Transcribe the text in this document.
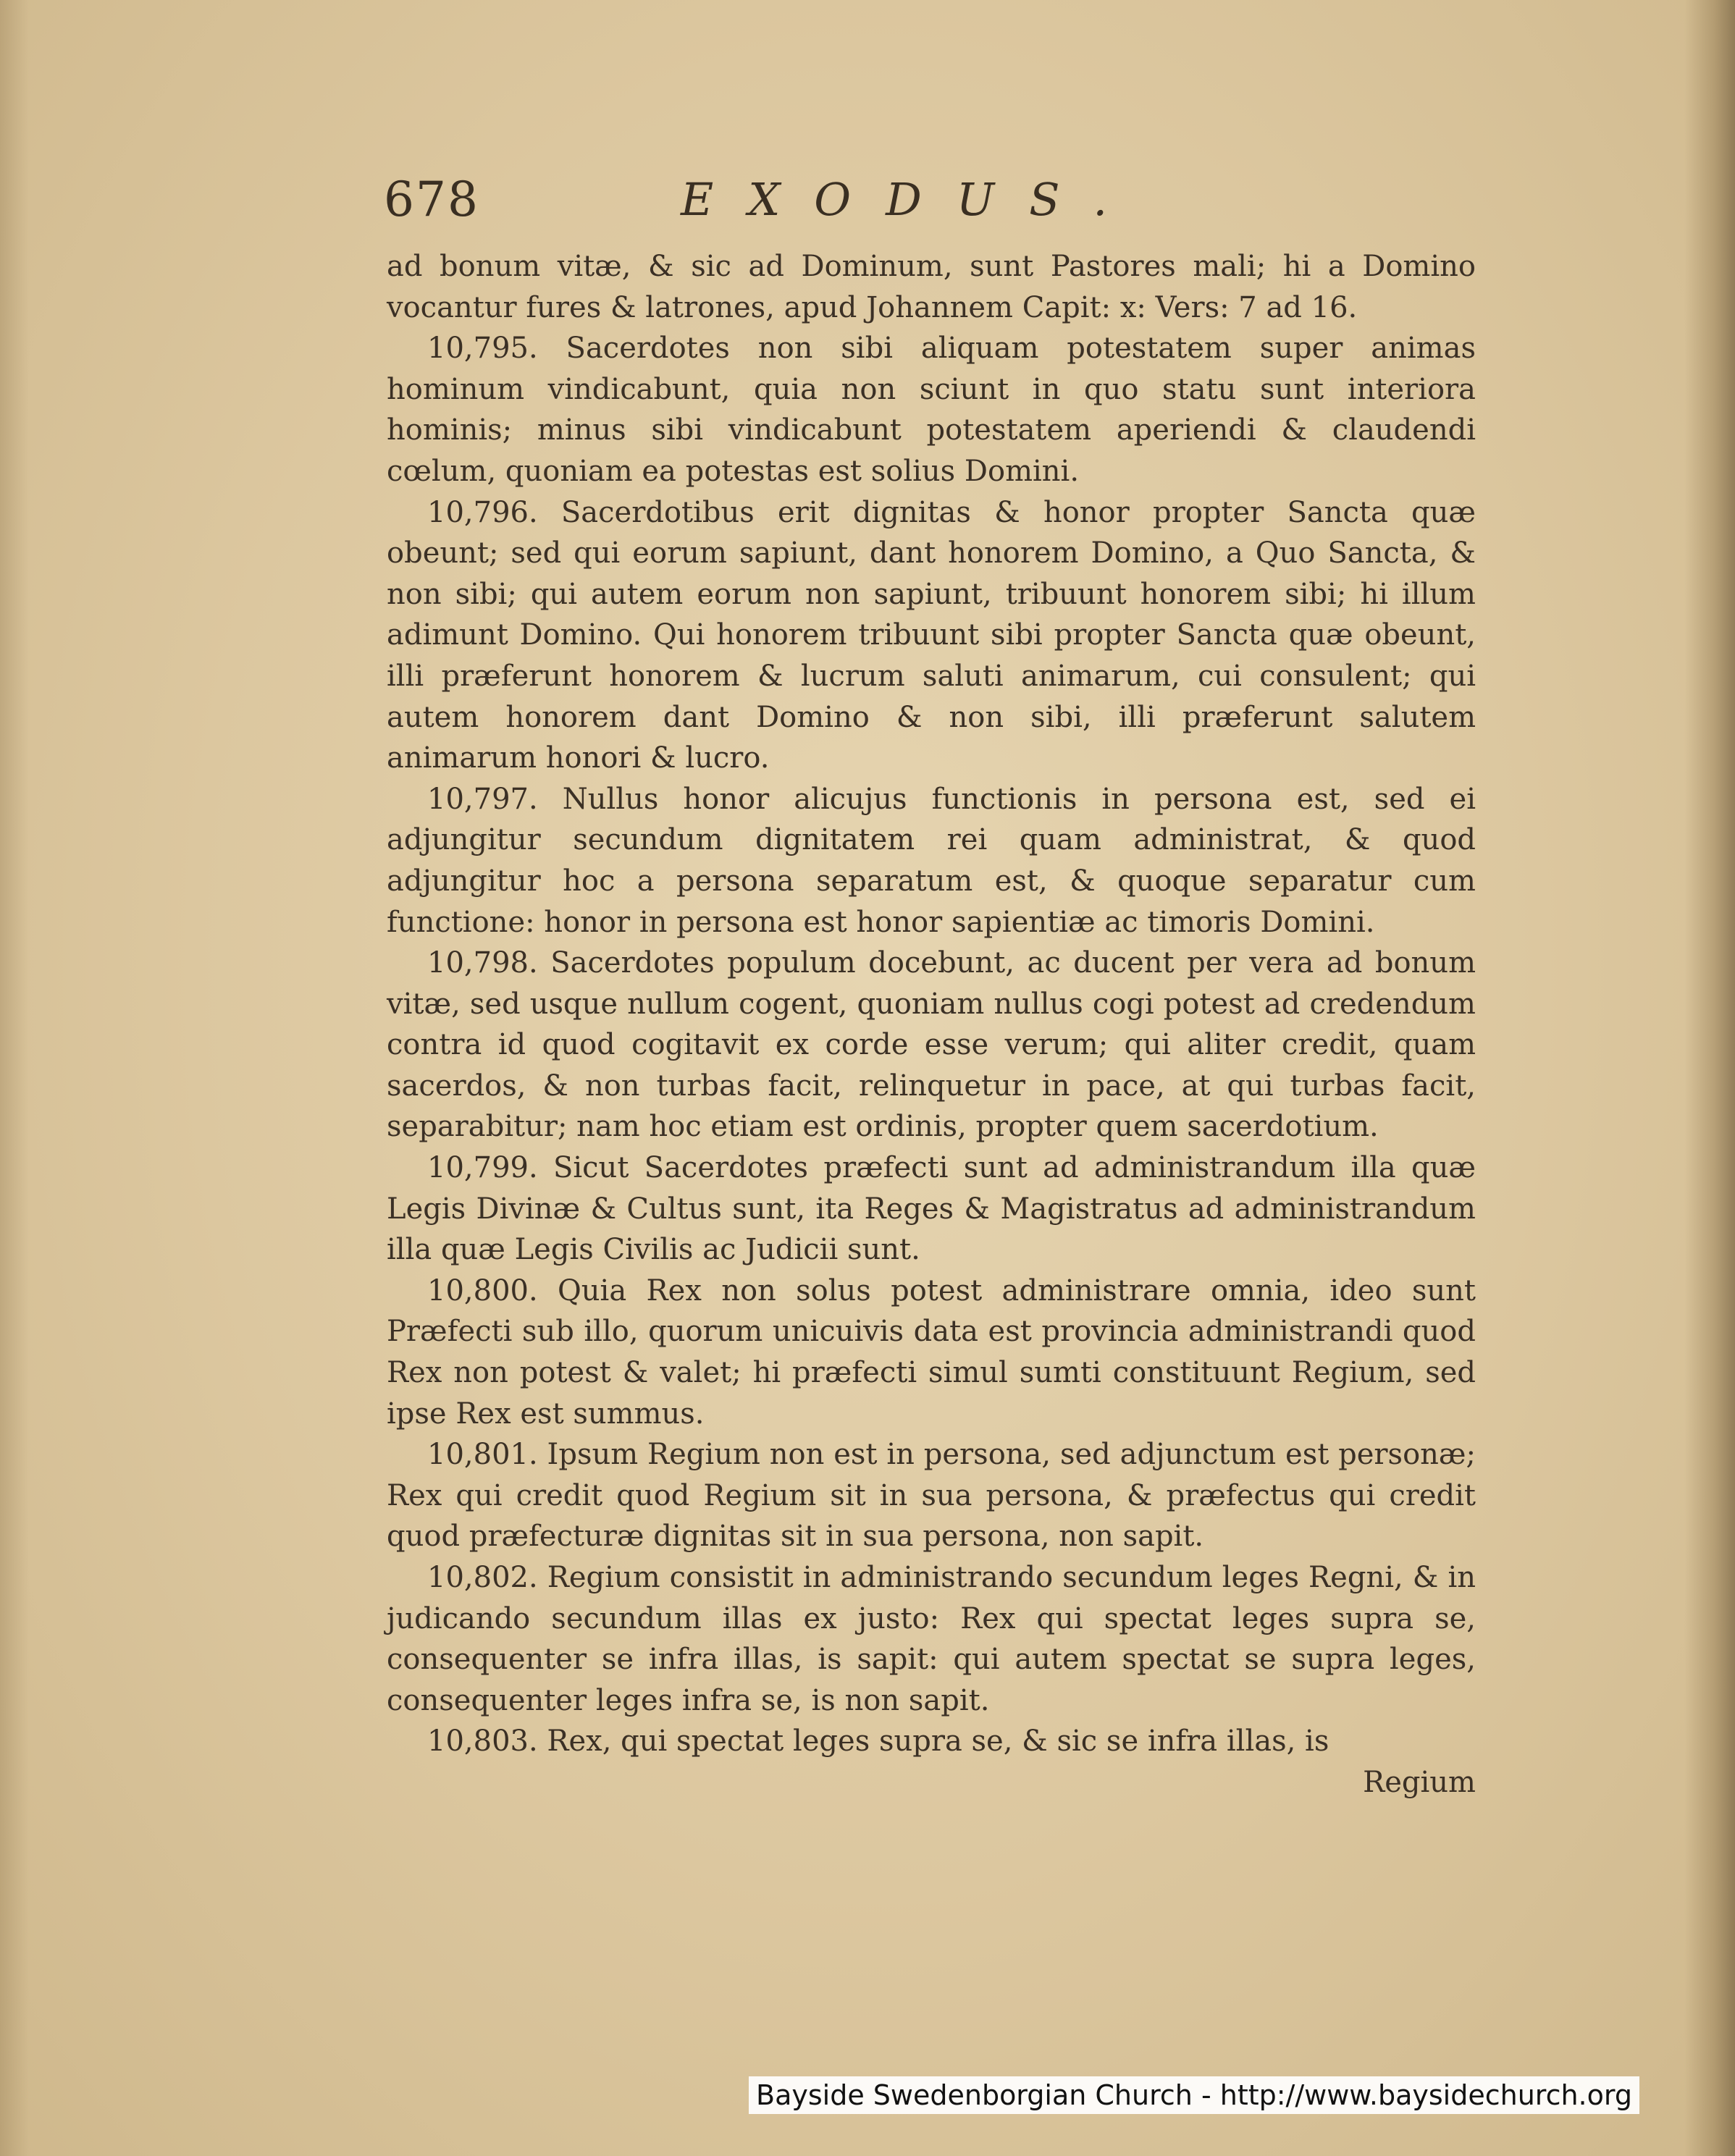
678	EXODUS.

ad bonum vitæ, & sic ad Dominum, sunt Pastores mali; hi a Domino vocantur fures & latrones, apud Johannem Capit: x: Vers: 7 ad 16.

10,795. Sacerdotes non sibi aliquam potestatem super animas hominum vindicabunt, quia non sciunt in quo statu sunt interiora hominis; minus sibi vindicabunt potestatem aperiendi & claudendi cœlum, quoniam ea potestas est solius Domini.

10,796. Sacerdotibus erit dignitas & honor propter Sancta quæ obeunt; sed qui eorum sapiunt, dant honorem Domino, a Quo Sancta, & non sibi; qui autem eorum non sapiunt, tribuunt honorem sibi; hi illum adimunt Domino. Qui honorem tribuunt sibi propter Sancta quæ obeunt, illi præferunt honorem & lucrum saluti animarum, cui consulent; qui autem honorem dant Domino & non sibi, illi præferunt salutem animarum honori & lucro.

10,797. Nullus honor alicujus functionis in persona est, sed ei adjungitur secundum dignitatem rei quam administrat, & quod adjungitur hoc a persona separatum est, & quoque separatur cum functione: honor in persona est honor sapientiæ ac timoris Domini.

10,798. Sacerdotes populum docebunt, ac ducent per vera ad bonum vitæ, sed usque nullum cogent, quoniam nullus cogi potest ad credendum contra id quod cogitavit ex corde esse verum; qui aliter credit, quam sacerdos, & non turbas facit, relinquetur in pace, at qui turbas facit, separabitur; nam hoc etiam est ordinis, propter quem sacerdotium.

10,799. Sicut Sacerdotes præfecti sunt ad administrandum illa quæ Legis Divinæ & Cultus sunt, ita Reges & Magistratus ad administrandum illa quæ Legis Civilis ac Judicii sunt.

10,800. Quia Rex non solus potest administrare omnia, ideo sunt Præfecti sub illo, quorum unicuivis data est provincia administrandi quod Rex non potest & valet; hi præfecti simul sumti constituunt Regium, sed ipse Rex est summus.

10,801. Ipsum Regium non est in persona, sed adjunctum est personæ; Rex qui credit quod Regium sit in sua persona, & præfectus qui credit quod præfecturæ dignitas sit in sua persona, non sapit.

10,802. Regium consistit in administrando secundum leges Regni, & in judicando secundum illas ex justo: Rex qui spectat leges supra se, consequenter se infra illas, is sapit: qui autem spectat se supra leges, consequenter leges infra se, is non sapit.

10,803. Rex, qui spectat leges supra se, & sic se infra illas, is

Regium

Bayside Swedenborgian Church - http://www.baysidechurch.org
